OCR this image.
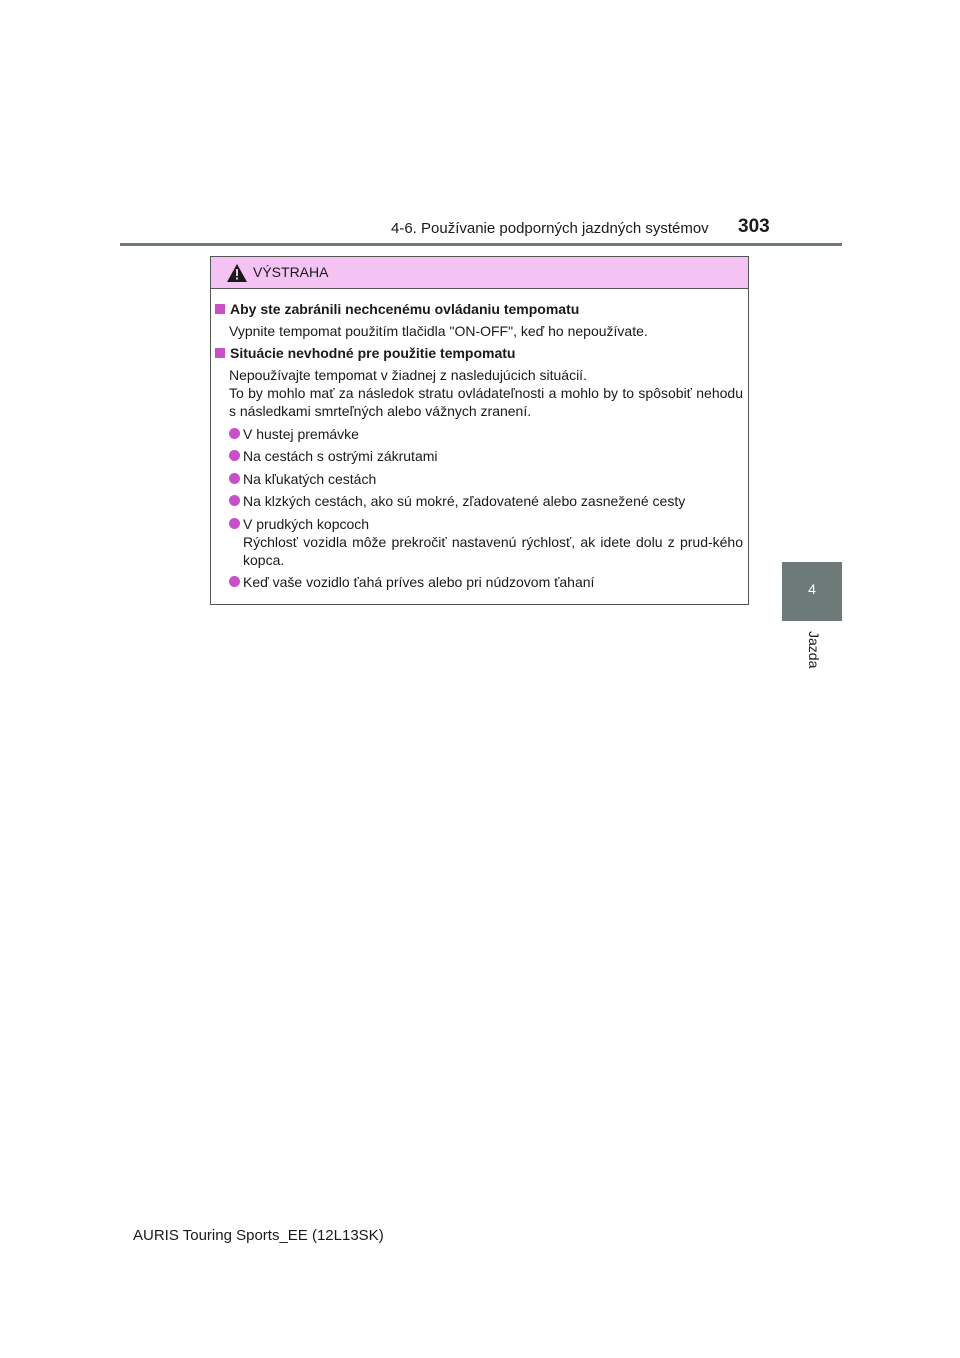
4-6. Používanie podporných jazdných systémov 303
4
Jazda
VÝSTRAHA
Aby ste zabránili nechcenému ovládaniu tempomatu
Vypnite tempomat použitím tlačidla "ON-OFF", keď ho nepoužívate.
Situácie nevhodné pre použitie tempomatu
Nepoužívajte tempomat v žiadnej z nasledujúcich situácií.
To by mohlo mať za následok stratu ovládateľnosti a mohlo by to spôsobiť nehodu s následkami smrteľných alebo vážnych zranení.
V hustej premávke
Na cestách s ostrými zákrutami
Na kľukatých cestách
Na klzkých cestách, ako sú mokré, zľadovatené alebo zasnežené cesty
V prudkých kopcoch
Rýchlosť vozidla môže prekročiť nastavenú rýchlosť, ak idete dolu z prud-kého kopca.
Keď vaše vozidlo ťahá príves alebo pri núdzovom ťahaní
AURIS Touring Sports_EE (12L13SK)
